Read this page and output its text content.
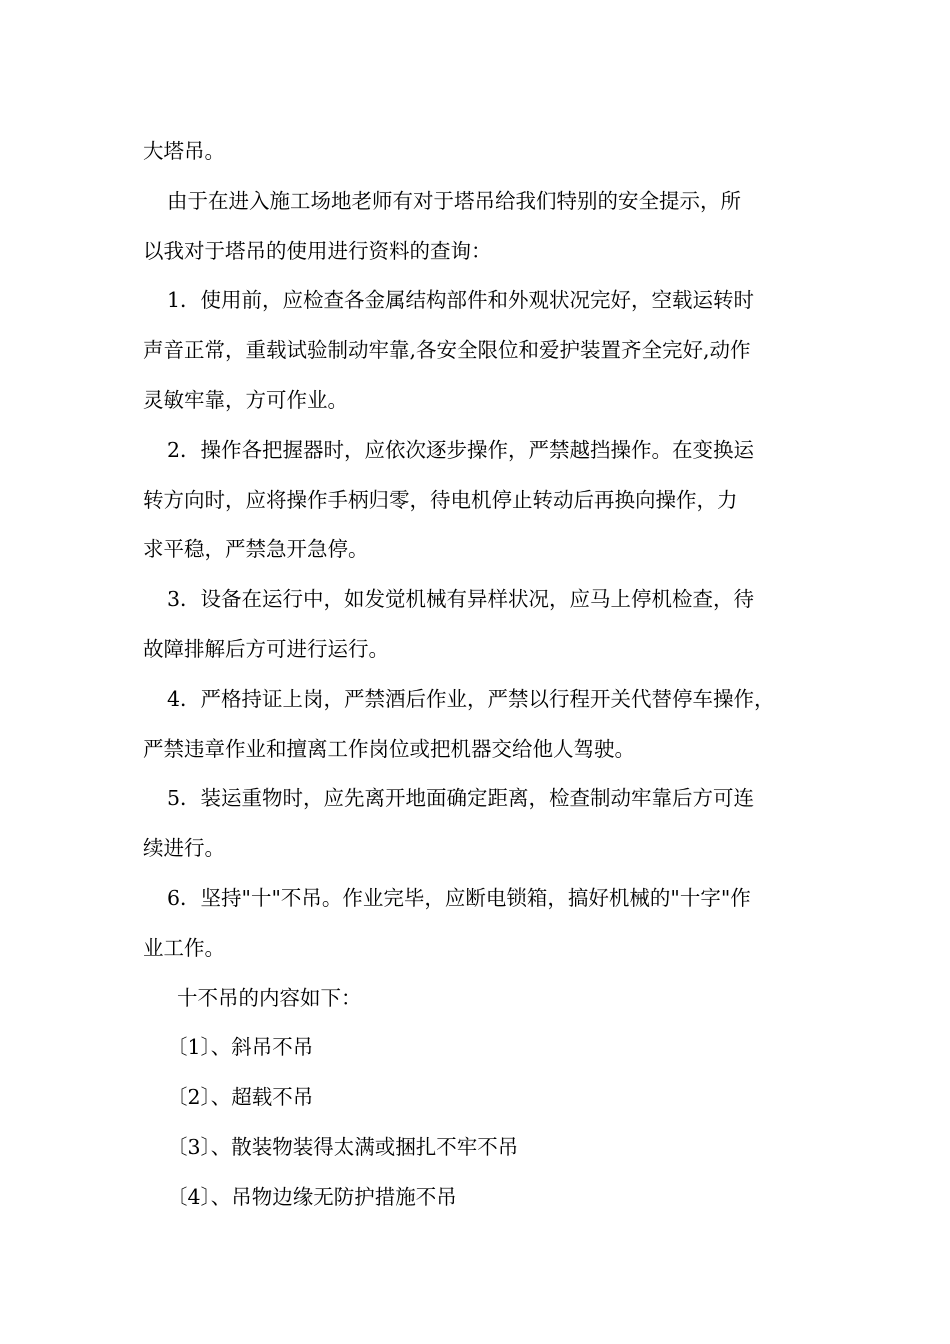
大塔吊。

由于在进入施工场地老师有对于塔吊给我们特别的安全提示，所

以我对于塔吊的使用进行资料的查询：

1．使用前，应检查各金属结构部件和外观状况完好，空载运转时

声音正常，重载试验制动牢靠,各安全限位和爱护装置齐全完好,动作

灵敏牢靠，方可作业。

2．操作各把握器时，应依次逐步操作，严禁越挡操作。在变换运

转方向时，应将操作手柄归零，待电机停止转动后再换向操作，力

求平稳，严禁急开急停。

3．设备在运行中，如发觉机械有异样状况，应马上停机检查，待

故障排解后方可进行运行。

4．严格持证上岗，严禁酒后作业，严禁以行程开关代替停车操作，

严禁违章作业和擅离工作岗位或把机器交给他人驾驶。

5．装运重物时，应先离开地面确定距离，检查制动牢靠后方可连

续进行。

6．坚持"十"不吊。作业完毕，应断电锁箱，搞好机械的"十字"作

业工作。

十不吊的内容如下：

〔1〕、斜吊不吊

〔2〕、超载不吊

〔3〕、散装物装得太满或捆扎不牢不吊

〔4〕、吊物边缘无防护措施不吊
